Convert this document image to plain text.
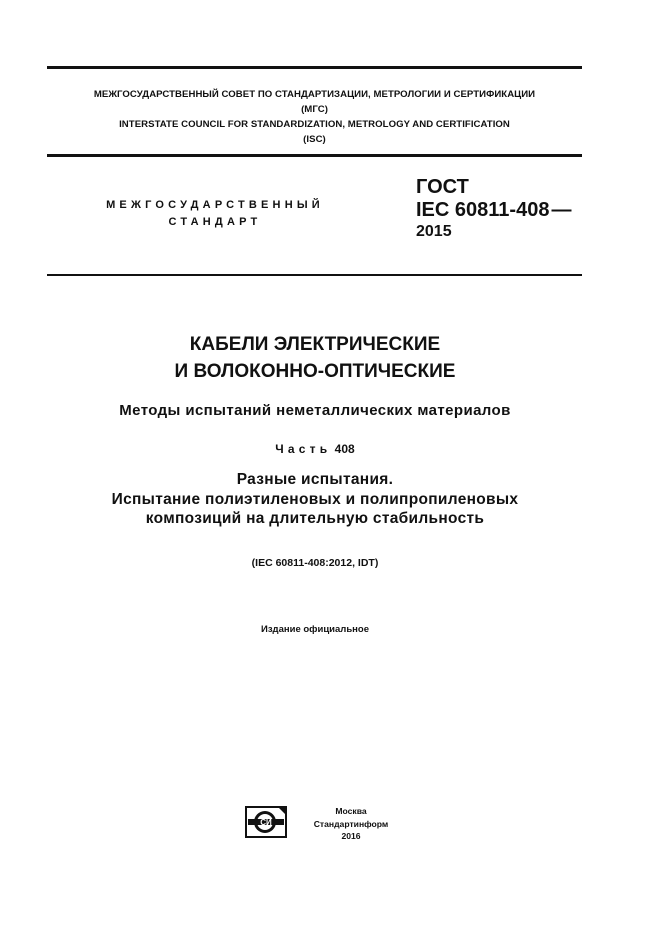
МЕЖГОСУДАРСТВЕННЫЙ СОВЕТ ПО СТАНДАРТИЗАЦИИ, МЕТРОЛОГИИ И СЕРТИФИКАЦИИ
(МГС)
INTERSTATE COUNCIL FOR STANDARDIZATION, METROLOGY AND CERTIFICATION
(ISC)
МЕЖГОСУДАРСТВЕННЫЙ
СТАНДАРТ
ГОСТ
IEC 60811-408 —
2015
КАБЕЛИ ЭЛЕКТРИЧЕСКИЕ
И ВОЛОКОННО-ОПТИЧЕСКИЕ
Методы испытаний неметаллических материалов
Часть 408
Разные испытания.
Испытание полиэтиленовых и полипропиленовых
композиций на длительную стабильность
(IEC 60811-408:2012, IDT)
Издание официальное
СИ
Москва
Стандартинформ
2016
